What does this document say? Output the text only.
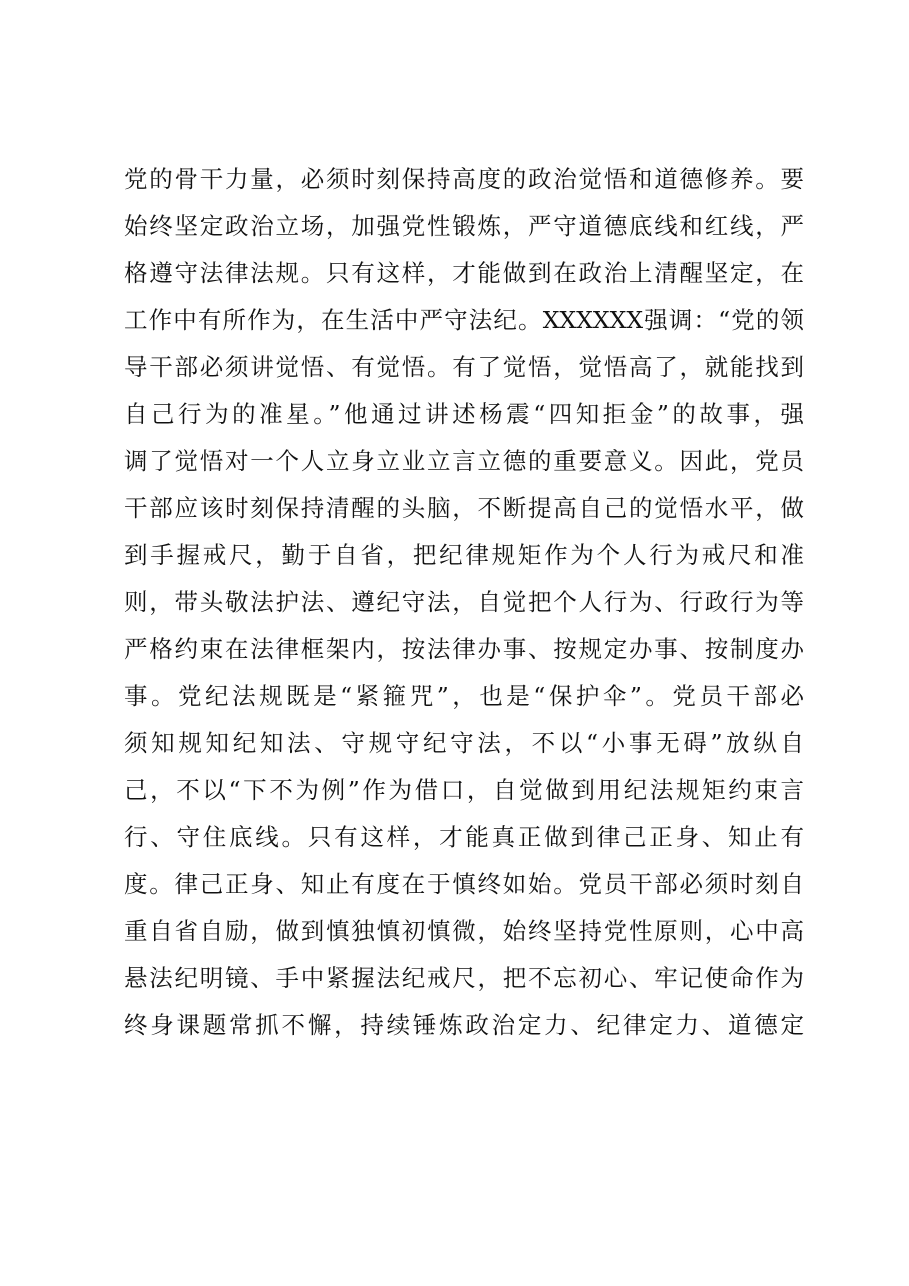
党的骨干力量，必须时刻保持高度的政治觉悟和道德修养。要
始终坚定政治立场，加强党性锻炼，严守道德底线和红线，严
格遵守法律法规。只有这样，才能做到在政治上清醒坚定，在
工作中有所作为，在生活中严守法纪。XXXXXX强调：“党的领
导干部必须讲觉悟、有觉悟。有了觉悟，觉悟高了，就能找到
自己行为的准星。”他通过讲述杨震“四知拒金”的故事，强
调了觉悟对一个人立身立业立言立德的重要意义。因此，党员
干部应该时刻保持清醒的头脑，不断提高自己的觉悟水平，做
到手握戒尺，勤于自省，把纪律规矩作为个人行为戒尺和准
则，带头敬法护法、遵纪守法，自觉把个人行为、行政行为等
严格约束在法律框架内，按法律办事、按规定办事、按制度办
事。党纪法规既是“紧箍咒”，也是“保护伞”。党员干部必
须知规知纪知法、守规守纪守法，不以“小事无碍”放纵自
己，不以“下不为例”作为借口，自觉做到用纪法规矩约束言
行、守住底线。只有这样，才能真正做到律己正身、知止有
度。律己正身、知止有度在于慎终如始。党员干部必须时刻自
重自省自励，做到慎独慎初慎微，始终坚持党性原则，心中高
悬法纪明镜、手中紧握法纪戒尺，把不忘初心、牢记使命作为
终身课题常抓不懈，持续锤炼政治定力、纪律定力、道德定
